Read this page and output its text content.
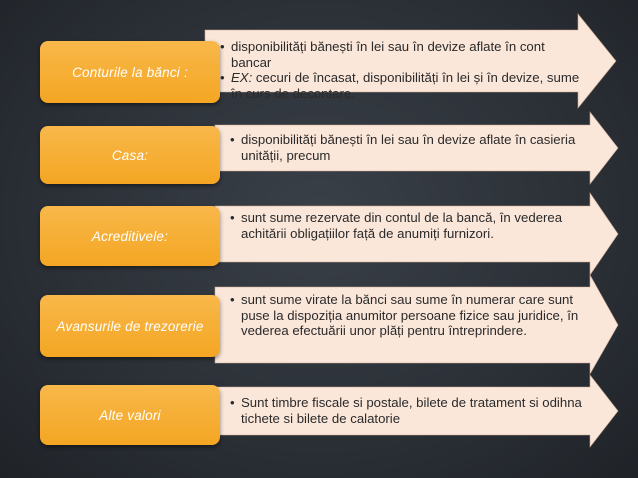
Conturile la bănci :
• disponibilități bănești în lei sau în devize aflate în cont bancar
• EX: cecuri de încasat, disponibilități în lei și în devize, sume în curs de decontare.
Casa:
• disponibilități bănești în lei sau în devize aflate în casieria unității, precum
Acreditivele:
• sunt sume rezervate din contul de la bancă, în vederea achitării obligațiilor față de anumiți furnizori.
Avansurile de trezorerie
• sunt sume virate la bănci sau sume în numerar care sunt puse la dispoziția anumitor persoane fizice sau juridice, în vederea efectuării unor plăți pentru întreprindere.
Alte valori
• Sunt timbre fiscale si postale, bilete de tratament si odihna tichete si bilete de calatorie
